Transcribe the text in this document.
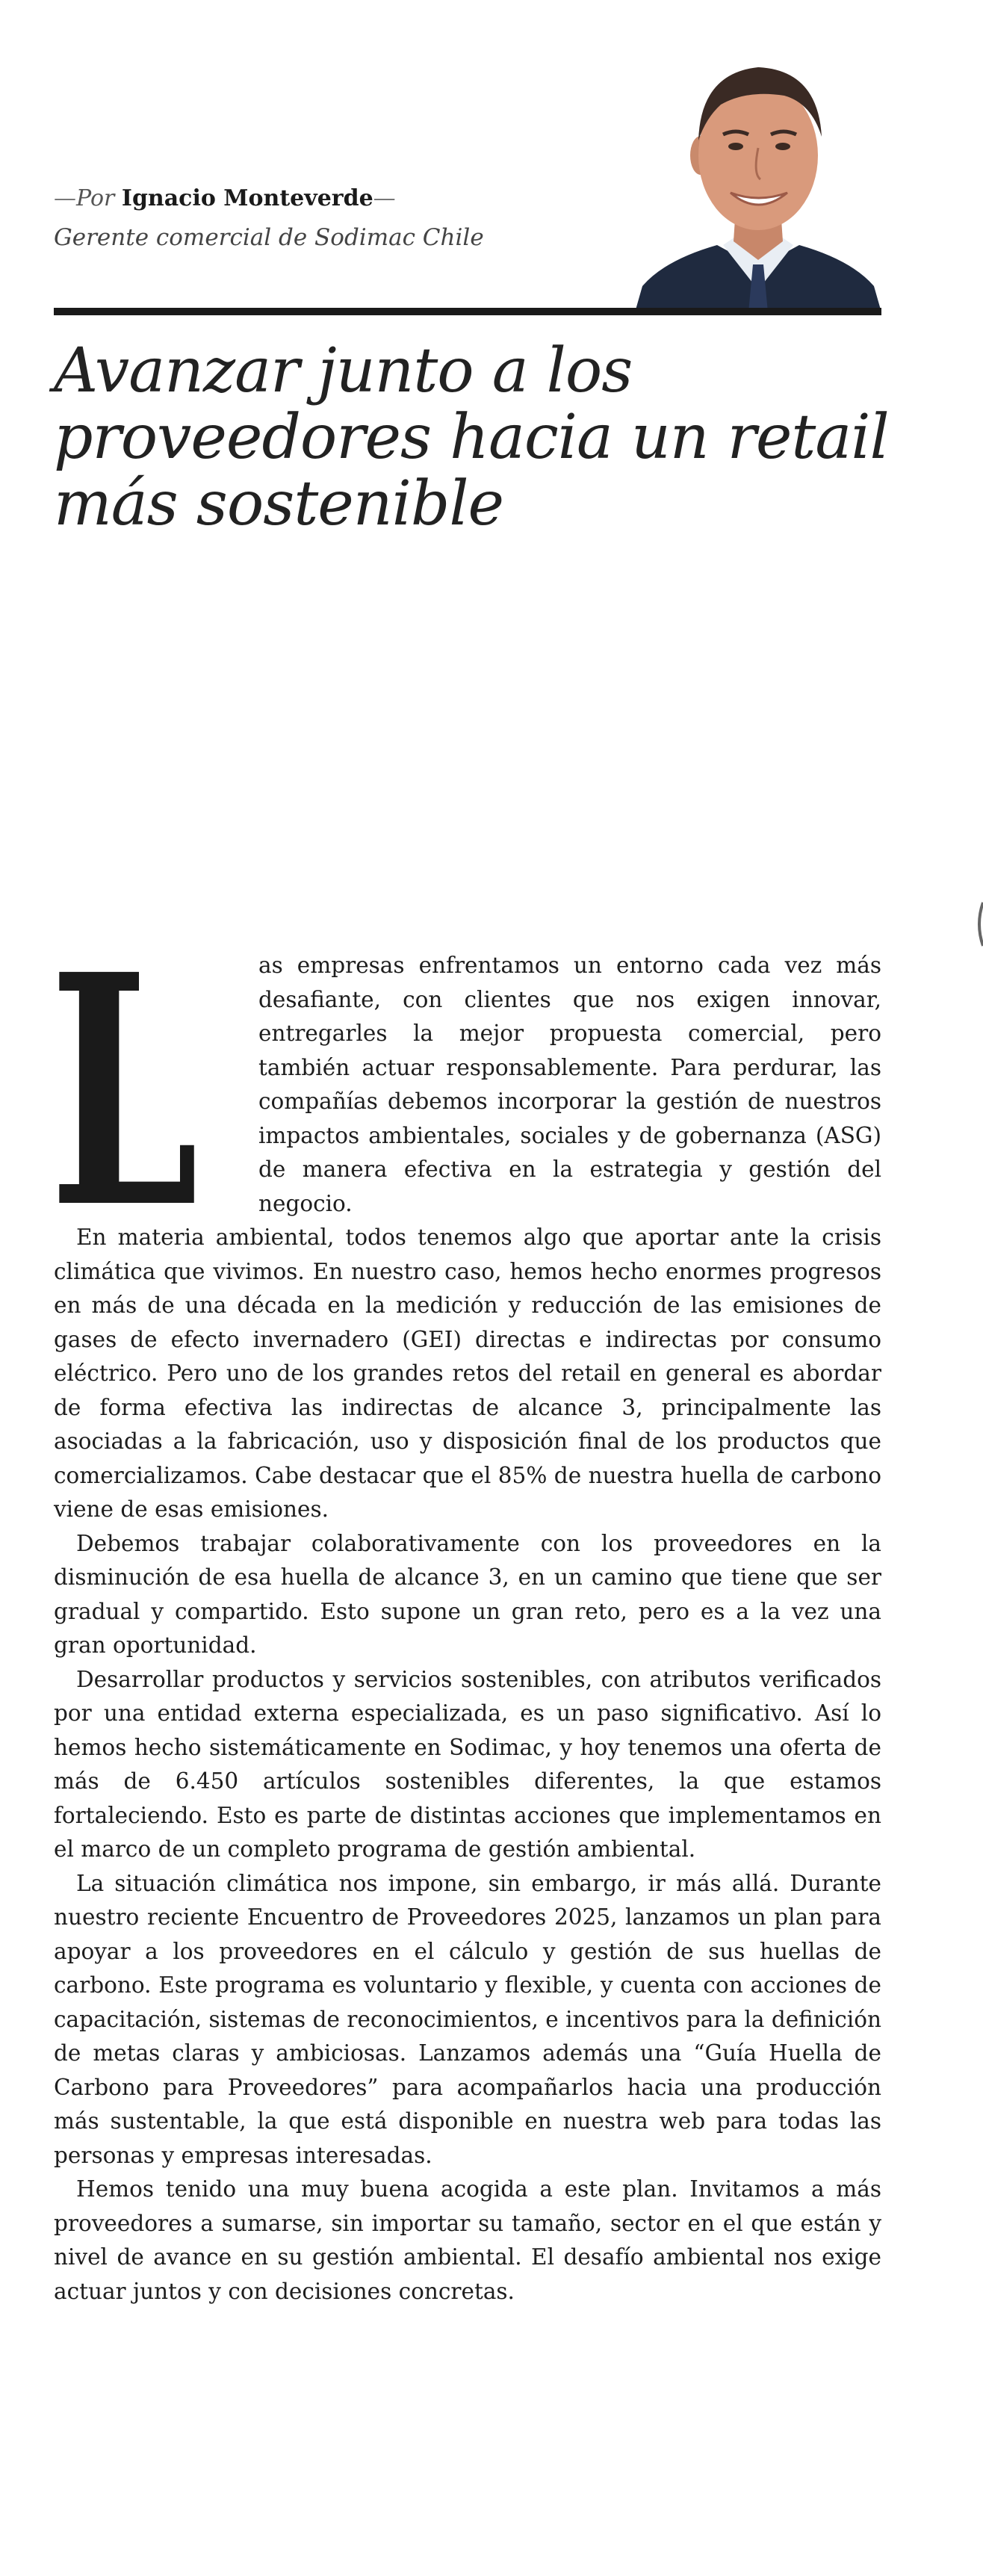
—Por Ignacio Monteverde—
Gerente comercial de Sodimac Chile
Avanzar junto a los proveedores hacia un retail más sostenible
L	as empresas enfrentamos un entorno cada vez más desafiante, con clientes que nos exigen innovar, entregarles la mejor propuesta comercial, pero también actuar responsablemente. Para perdurar, las compañías debemos incorporar la gestión de nuestros impactos ambientales, sociales y de gobernanza (ASG) de manera efectiva en la estrategia y gestión del negocio.

En materia ambiental, todos tenemos algo que aportar ante la crisis climática que vivimos. En nuestro caso, hemos hecho enormes progresos en más de una década en la medición y reducción de las emisiones de gases de efecto invernadero (GEI) directas e indirectas por consumo eléctrico. Pero uno de los grandes retos del retail en general es abordar de forma efectiva las indirectas de alcance 3, principalmente las asociadas a la fabricación, uso y disposición final de los productos que comercializamos. Cabe destacar que el 85% de nuestra huella de carbono viene de esas emisiones.

Debemos trabajar colaborativamente con los proveedores en la disminución de esa huella de alcance 3, en un camino que tiene que ser gradual y compartido. Esto supone un gran reto, pero es a la vez una gran oportunidad.

Desarrollar productos y servicios sostenibles, con atributos verificados por una entidad externa especializada, es un paso significativo. Así lo hemos hecho sistemáticamente en Sodimac, y hoy tenemos una oferta de más de 6.450 artículos sostenibles diferentes, la que estamos fortaleciendo. Esto es parte de distintas acciones que implementamos en el marco de un completo programa de gestión ambiental.

La situación climática nos impone, sin embargo, ir más allá. Durante nuestro reciente Encuentro de Proveedores 2025, lanzamos un plan para apoyar a los proveedores en el cálculo y gestión de sus huellas de carbono. Este programa es voluntario y flexible, y cuenta con acciones de capacitación, sistemas de reconocimientos, e incentivos para la definición de metas claras y ambiciosas. Lanzamos además una “Guía Huella de Carbono para Proveedores” para acompañarlos hacia una producción más sustentable, la que está disponible en nuestra web para todas las personas y empresas interesadas.

Hemos tenido una muy buena acogida a este plan. Invitamos a más proveedores a sumarse, sin importar su tamaño, sector en el que están y nivel de avance en su gestión ambiental. El desafío ambiental nos exige actuar juntos y con decisiones concretas.
